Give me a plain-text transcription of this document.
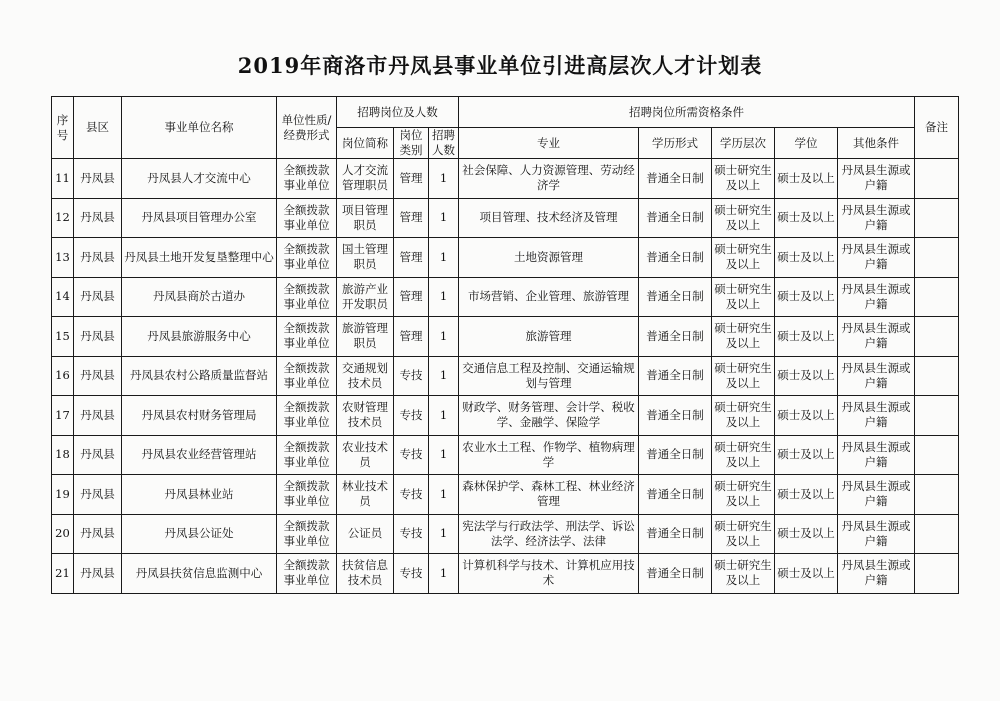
2019年商洛市丹凤县事业单位引进高层次人才计划表
序号	县区	事业单位名称	单位性质/经费形式	招聘岗位及人数			招聘岗位所需资格条件					备注
				岗位简称	岗位类别	招聘人数	专业	学历形式	学历层次	学位	其他条件	
11	丹凤县	丹凤县人才交流中心	全额拨款事业单位	人才交流管理职员	管理	1	社会保障、人力资源管理、劳动经济学	普通全日制	硕士研究生及以上	硕士及以上	丹凤县生源或户籍	
12	丹凤县	丹凤县项目管理办公室	全额拨款事业单位	项目管理职员	管理	1	项目管理、技术经济及管理	普通全日制	硕士研究生及以上	硕士及以上	丹凤县生源或户籍	
13	丹凤县	丹凤县土地开发复垦整理中心	全额拨款事业单位	国土管理职员	管理	1	土地资源管理	普通全日制	硕士研究生及以上	硕士及以上	丹凤县生源或户籍	
14	丹凤县	丹凤县商於古道办	全额拨款事业单位	旅游产业开发职员	管理	1	市场营销、企业管理、旅游管理	普通全日制	硕士研究生及以上	硕士及以上	丹凤县生源或户籍	
15	丹凤县	丹凤县旅游服务中心	全额拨款事业单位	旅游管理职员	管理	1	旅游管理	普通全日制	硕士研究生及以上	硕士及以上	丹凤县生源或户籍	
16	丹凤县	丹凤县农村公路质量监督站	全额拨款事业单位	交通规划技术员	专技	1	交通信息工程及控制、交通运输规划与管理	普通全日制	硕士研究生及以上	硕士及以上	丹凤县生源或户籍	
17	丹凤县	丹凤县农村财务管理局	全额拨款事业单位	农财管理技术员	专技	1	财政学、财务管理、会计学、税收学、金融学、保险学	普通全日制	硕士研究生及以上	硕士及以上	丹凤县生源或户籍	
18	丹凤县	丹凤县农业经营管理站	全额拨款事业单位	农业技术员	专技	1	农业水土工程、作物学、植物病理学	普通全日制	硕士研究生及以上	硕士及以上	丹凤县生源或户籍	
19	丹凤县	丹凤县林业站	全额拨款事业单位	林业技术员	专技	1	森林保护学、森林工程、林业经济管理	普通全日制	硕士研究生及以上	硕士及以上	丹凤县生源或户籍	
20	丹凤县	丹凤县公证处	全额拨款事业单位	公证员	专技	1	宪法学与行政法学、刑法学、诉讼法学、经济法学、法律	普通全日制	硕士研究生及以上	硕士及以上	丹凤县生源或户籍	
21	丹凤县	丹凤县扶贫信息监测中心	全额拨款事业单位	扶贫信息技术员	专技	1	计算机科学与技术、计算机应用技术	普通全日制	硕士研究生及以上	硕士及以上	丹凤县生源或户籍	
